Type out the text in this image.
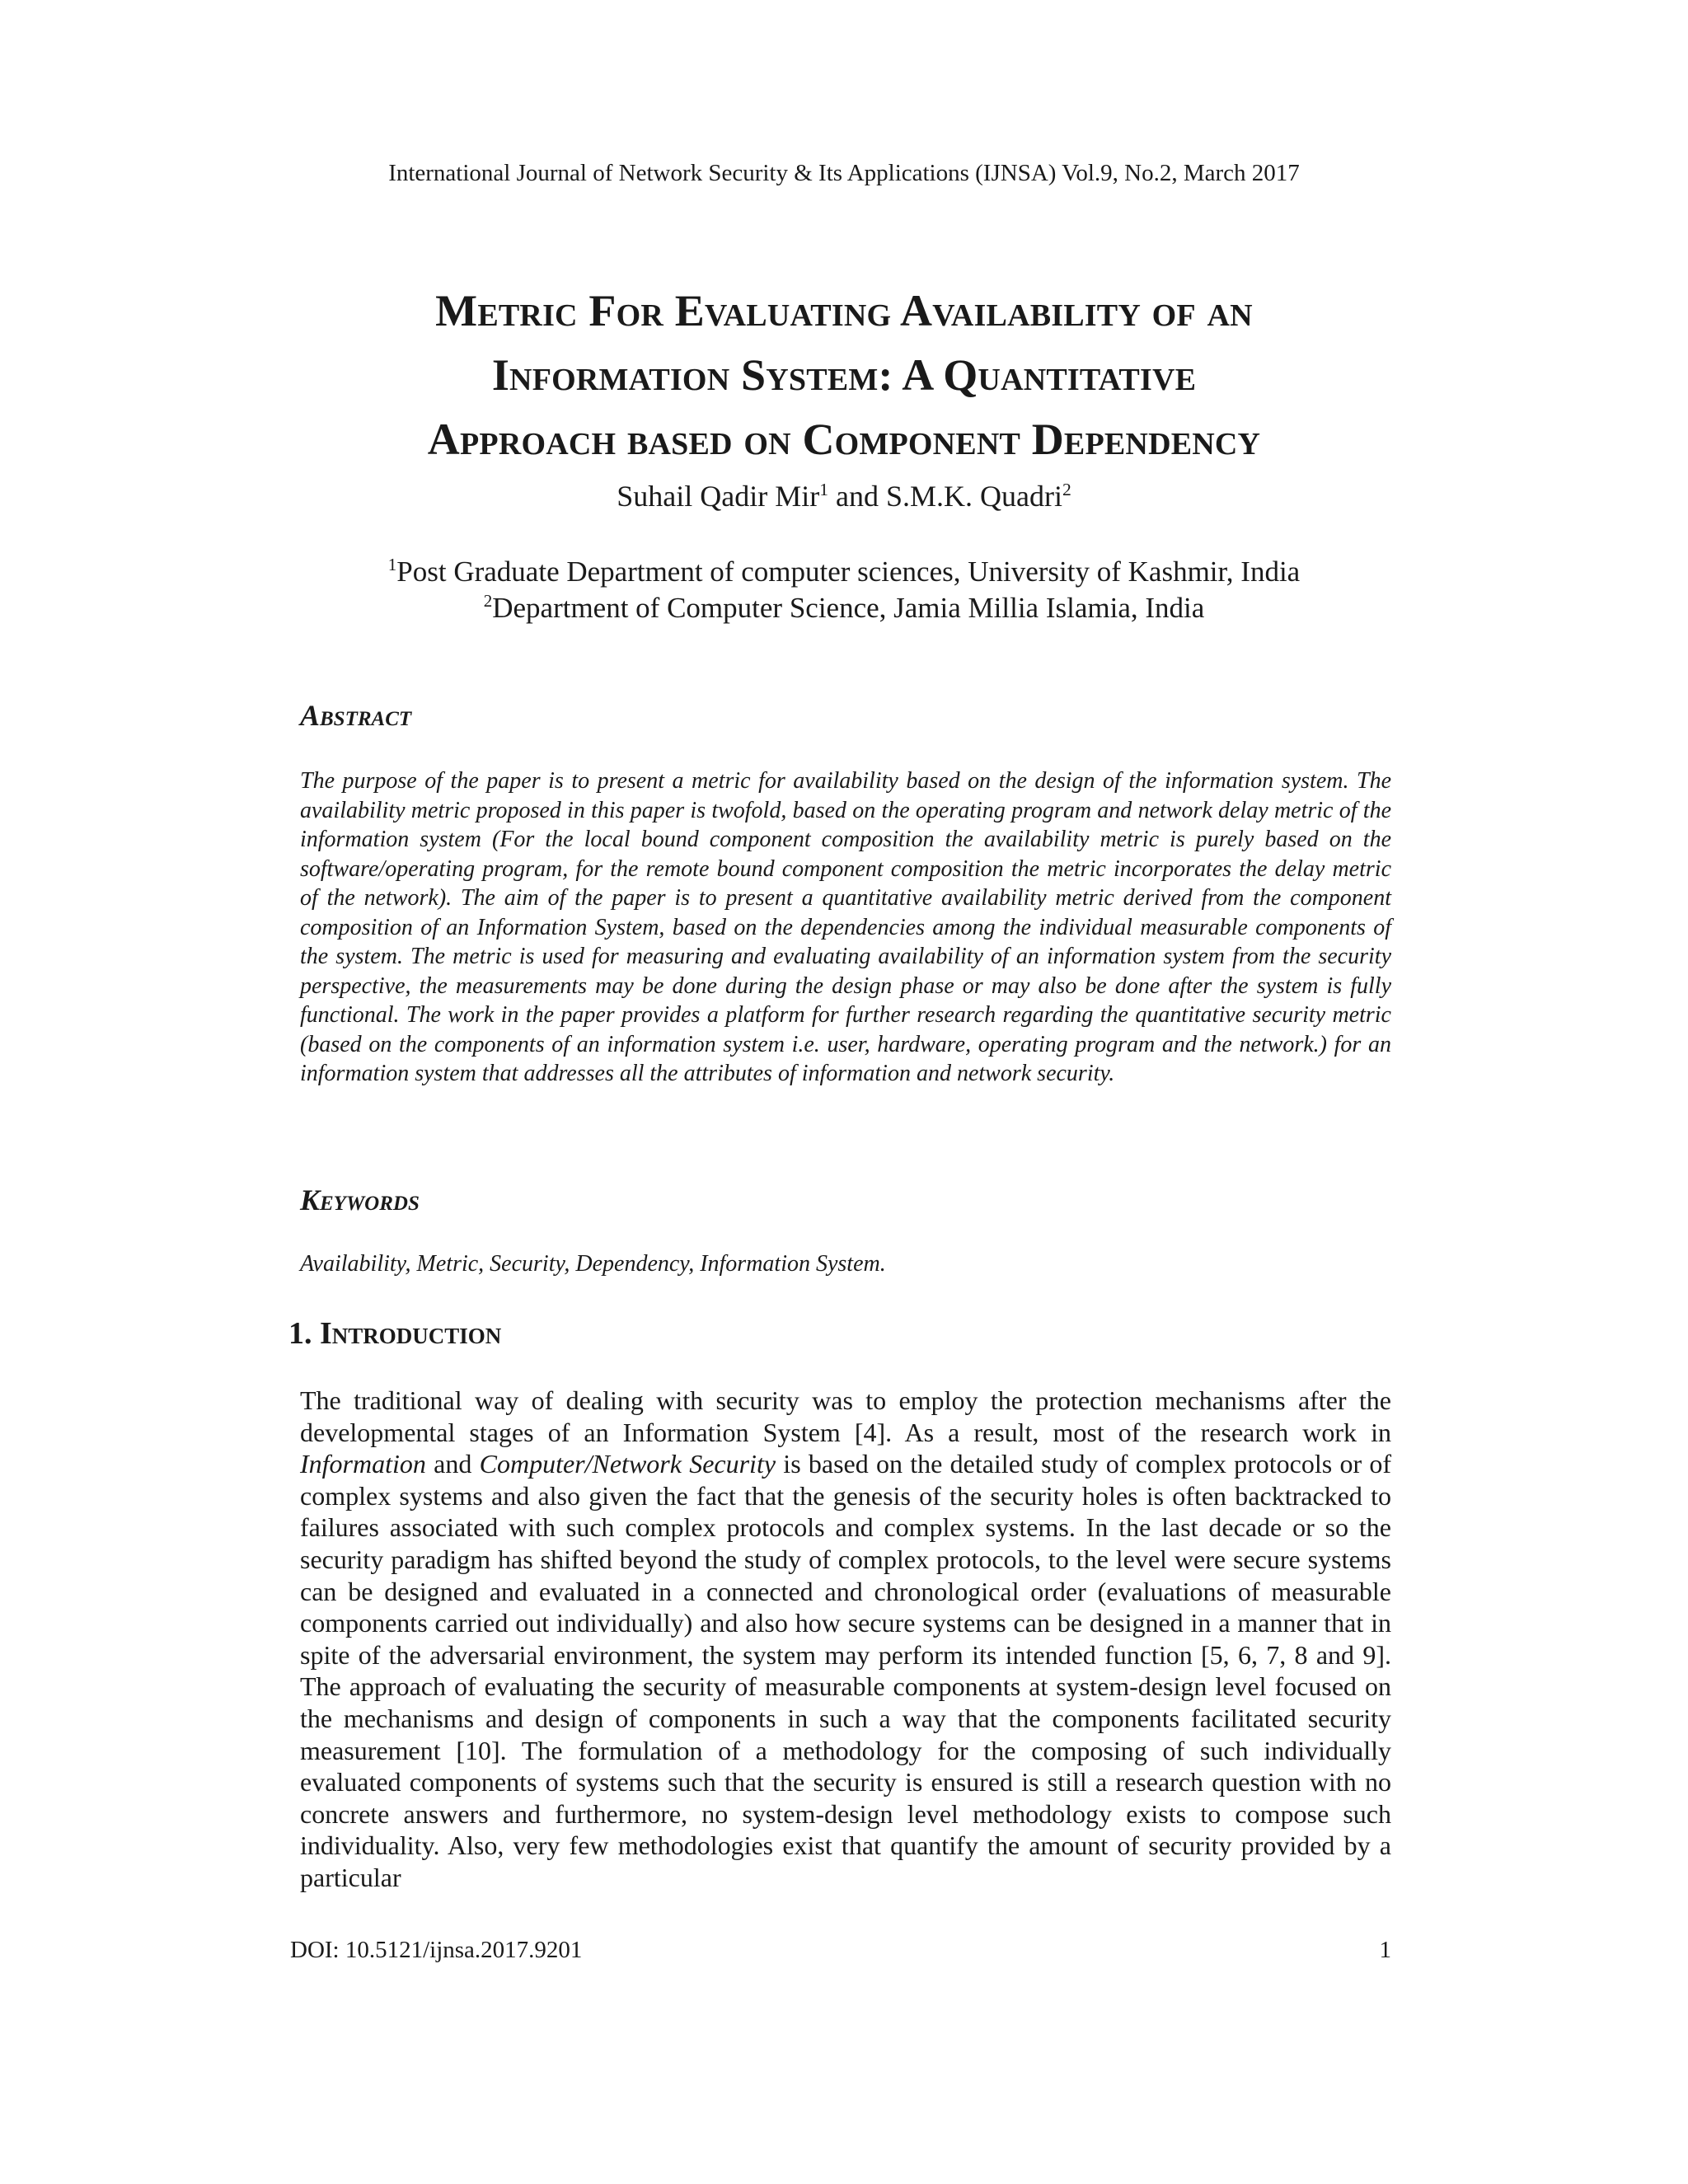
International Journal of Network Security & Its Applications (IJNSA) Vol.9, No.2, March 2017
Metric For Evaluating Availability of an
Information System: A Quantitative
Approach based on Component Dependency
Suhail Qadir Mir$^1$ and S.M.K. Quadri$^2$
$^1$Post Graduate Department of computer sciences, University of Kashmir, India
$^2$Department of Computer Science, Jamia Millia Islamia, India
Abstract
The purpose of the paper is to present a metric for availability based on the design of the information system. The availability metric proposed in this paper is twofold, based on the operating program and network delay metric of the information system (For the local bound component composition the availability metric is purely based on the software/operating program, for the remote bound component composition the metric incorporates the delay metric of the network). The aim of the paper is to present a quantitative availability metric derived from the component composition of an Information System, based on the dependencies among the individual measurable components of the system. The metric is used for measuring and evaluating availability of an information system from the security perspective, the measurements may be done during the design phase or may also be done after the system is fully functional. The work in the paper provides a platform for further research regarding the quantitative security metric (based on the components of an information system i.e. user, hardware, operating program and the network.) for an information system that addresses all the attributes of information and network security.
Keywords
Availability, Metric, Security, Dependency, Information System.
1. Introduction
The traditional way of dealing with security was to employ the protection mechanisms after the developmental stages of an Information System [4]. As a result, most of the research work in Information and Computer/Network Security is based on the detailed study of complex protocols or of complex systems and also given the fact that the genesis of the security holes is often backtracked to failures associated with such complex protocols and complex systems. In the last decade or so the security paradigm has shifted beyond the study of complex protocols, to the level were secure systems can be designed and evaluated in a connected and chronological order (evaluations of measurable components carried out individually) and also how secure systems can be designed in a manner that in spite of the adversarial environment, the system may perform its intended function [5, 6, 7, 8 and 9]. The approach of evaluating the security of measurable components at system-design level focused on the mechanisms and design of components in such a way that the components facilitated security measurement [10]. The formulation of a methodology for the composing of such individually evaluated components of systems such that the security is ensured is still a research question with no concrete answers and furthermore, no system-design level methodology exists to compose such individuality. Also, very few methodologies exist that quantify the amount of security provided by a particular
DOI: 10.5121/ijnsa.2017.9201	1
